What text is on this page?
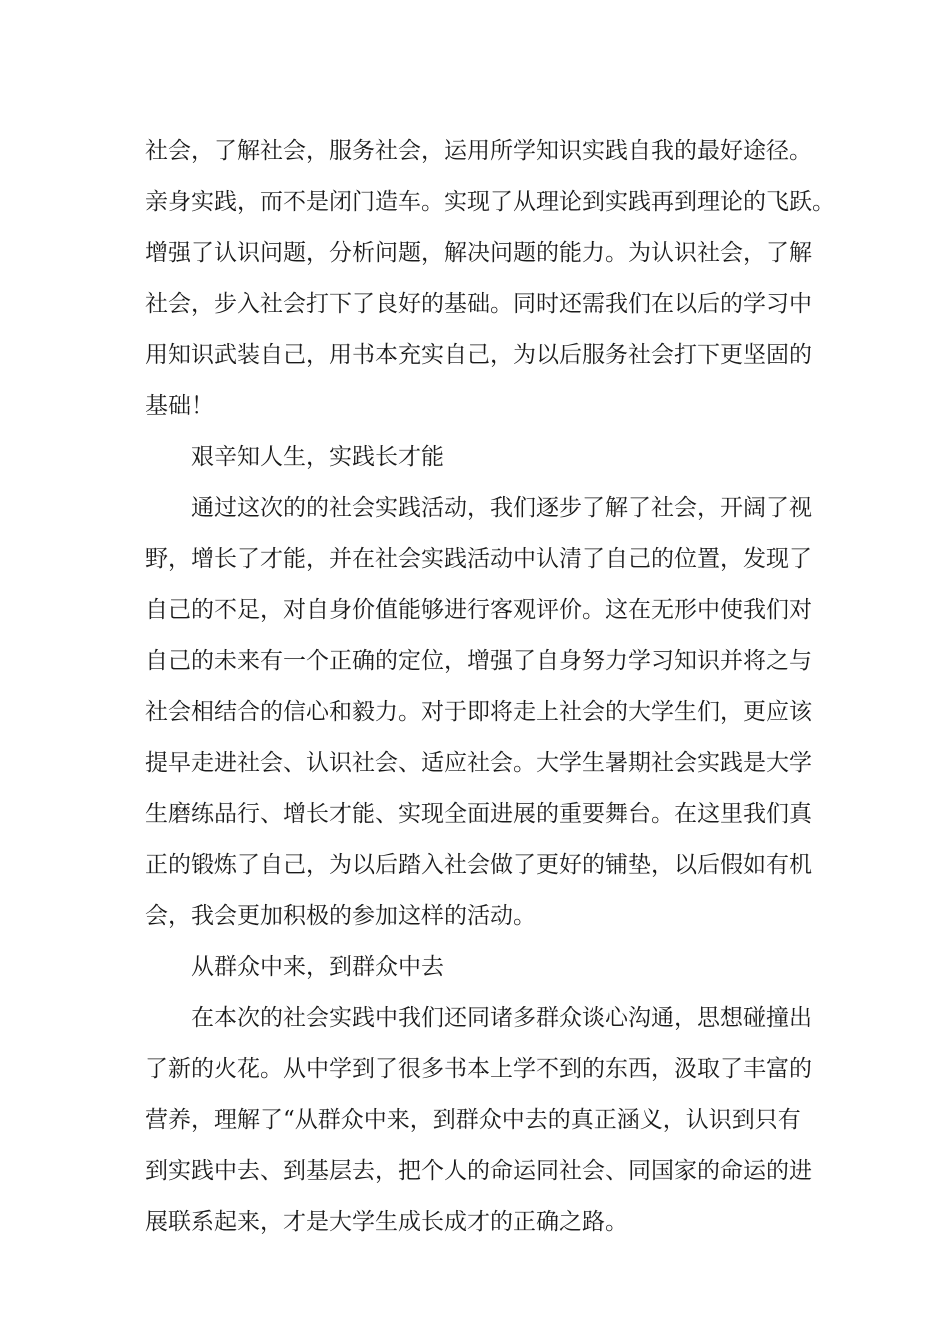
社会，了解社会，服务社会，运用所学知识实践自我的最好途径。
亲身实践，而不是闭门造车。实现了从理论到实践再到理论的飞跃。
增强了认识问题，分析问题，解决问题的能力。为认识社会，了解
社会，步入社会打下了良好的基础。同时还需我们在以后的学习中
用知识武装自己，用书本充实自己，为以后服务社会打下更坚固的
基础！
艰辛知人生，实践长才能
通过这次的的社会实践活动，我们逐步了解了社会，开阔了视
野，增长了才能，并在社会实践活动中认清了自己的位置，发现了
自己的不足，对自身价值能够进行客观评价。这在无形中使我们对
自己的未来有一个正确的定位，增强了自身努力学习知识并将之与
社会相结合的信心和毅力。对于即将走上社会的大学生们，更应该
提早走进社会、认识社会、适应社会。大学生暑期社会实践是大学
生磨练品行、增长才能、实现全面进展的重要舞台。在这里我们真
正的锻炼了自己，为以后踏入社会做了更好的铺垫，以后假如有机
会，我会更加积极的参加这样的活动。
从群众中来，到群众中去
在本次的社会实践中我们还同诸多群众谈心沟通，思想碰撞出
了新的火花。从中学到了很多书本上学不到的东西，汲取了丰富的
营养，理解了“从群众中来，到群众中去的真正涵义，认识到只有
到实践中去、到基层去，把个人的命运同社会、同国家的命运的进
展联系起来，才是大学生成长成才的正确之路。
